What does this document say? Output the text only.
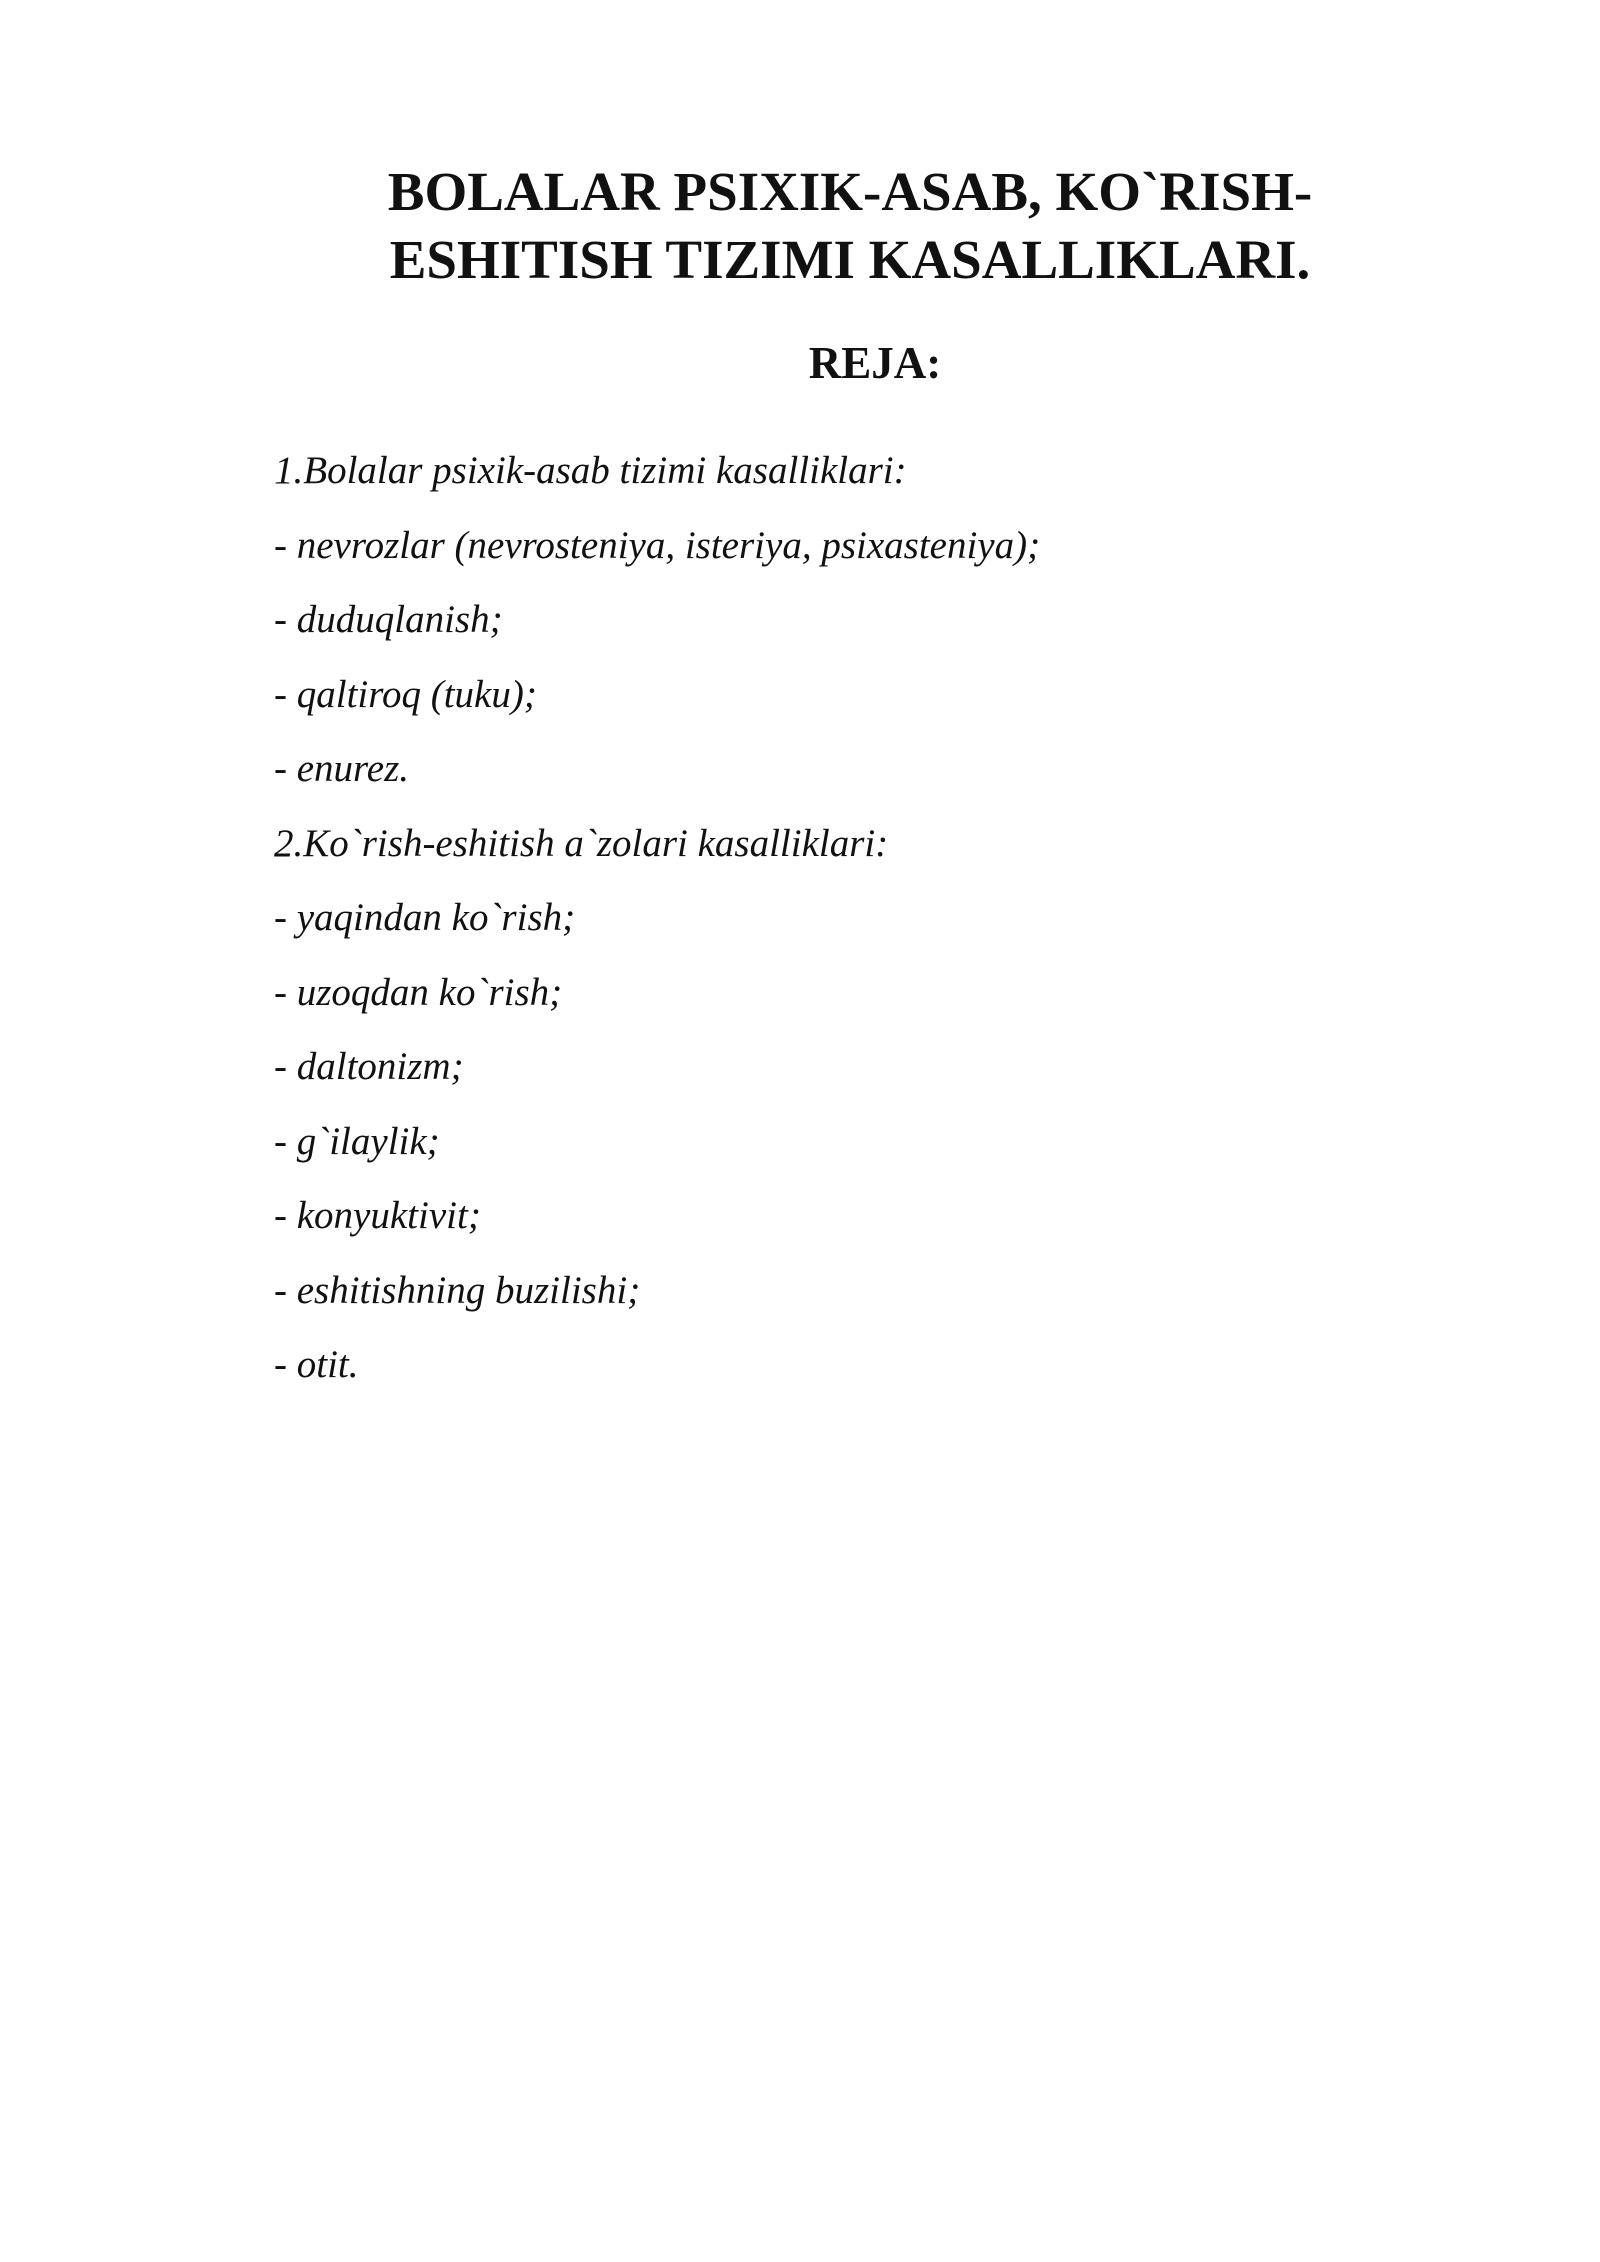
BOLALAR PSIXIK-ASAB, KO`RISH-
ESHITISH TIZIMI KASALLIKLARI.
REJA:
1.Bolalar psixik-asab tizimi kasalliklari:
- nevrozlar (nevrosteniya, isteriya, psixasteniya);
- duduqlanish;
- qaltiroq (tuku);
- enurez.
2.Ko`rish-eshitish a`zolari kasalliklari:
- yaqindan ko`rish;
- uzoqdan ko`rish;
- daltonizm;
- g`ilaylik;
- konyuktivit;
- eshitishning buzilishi;
- otit.
